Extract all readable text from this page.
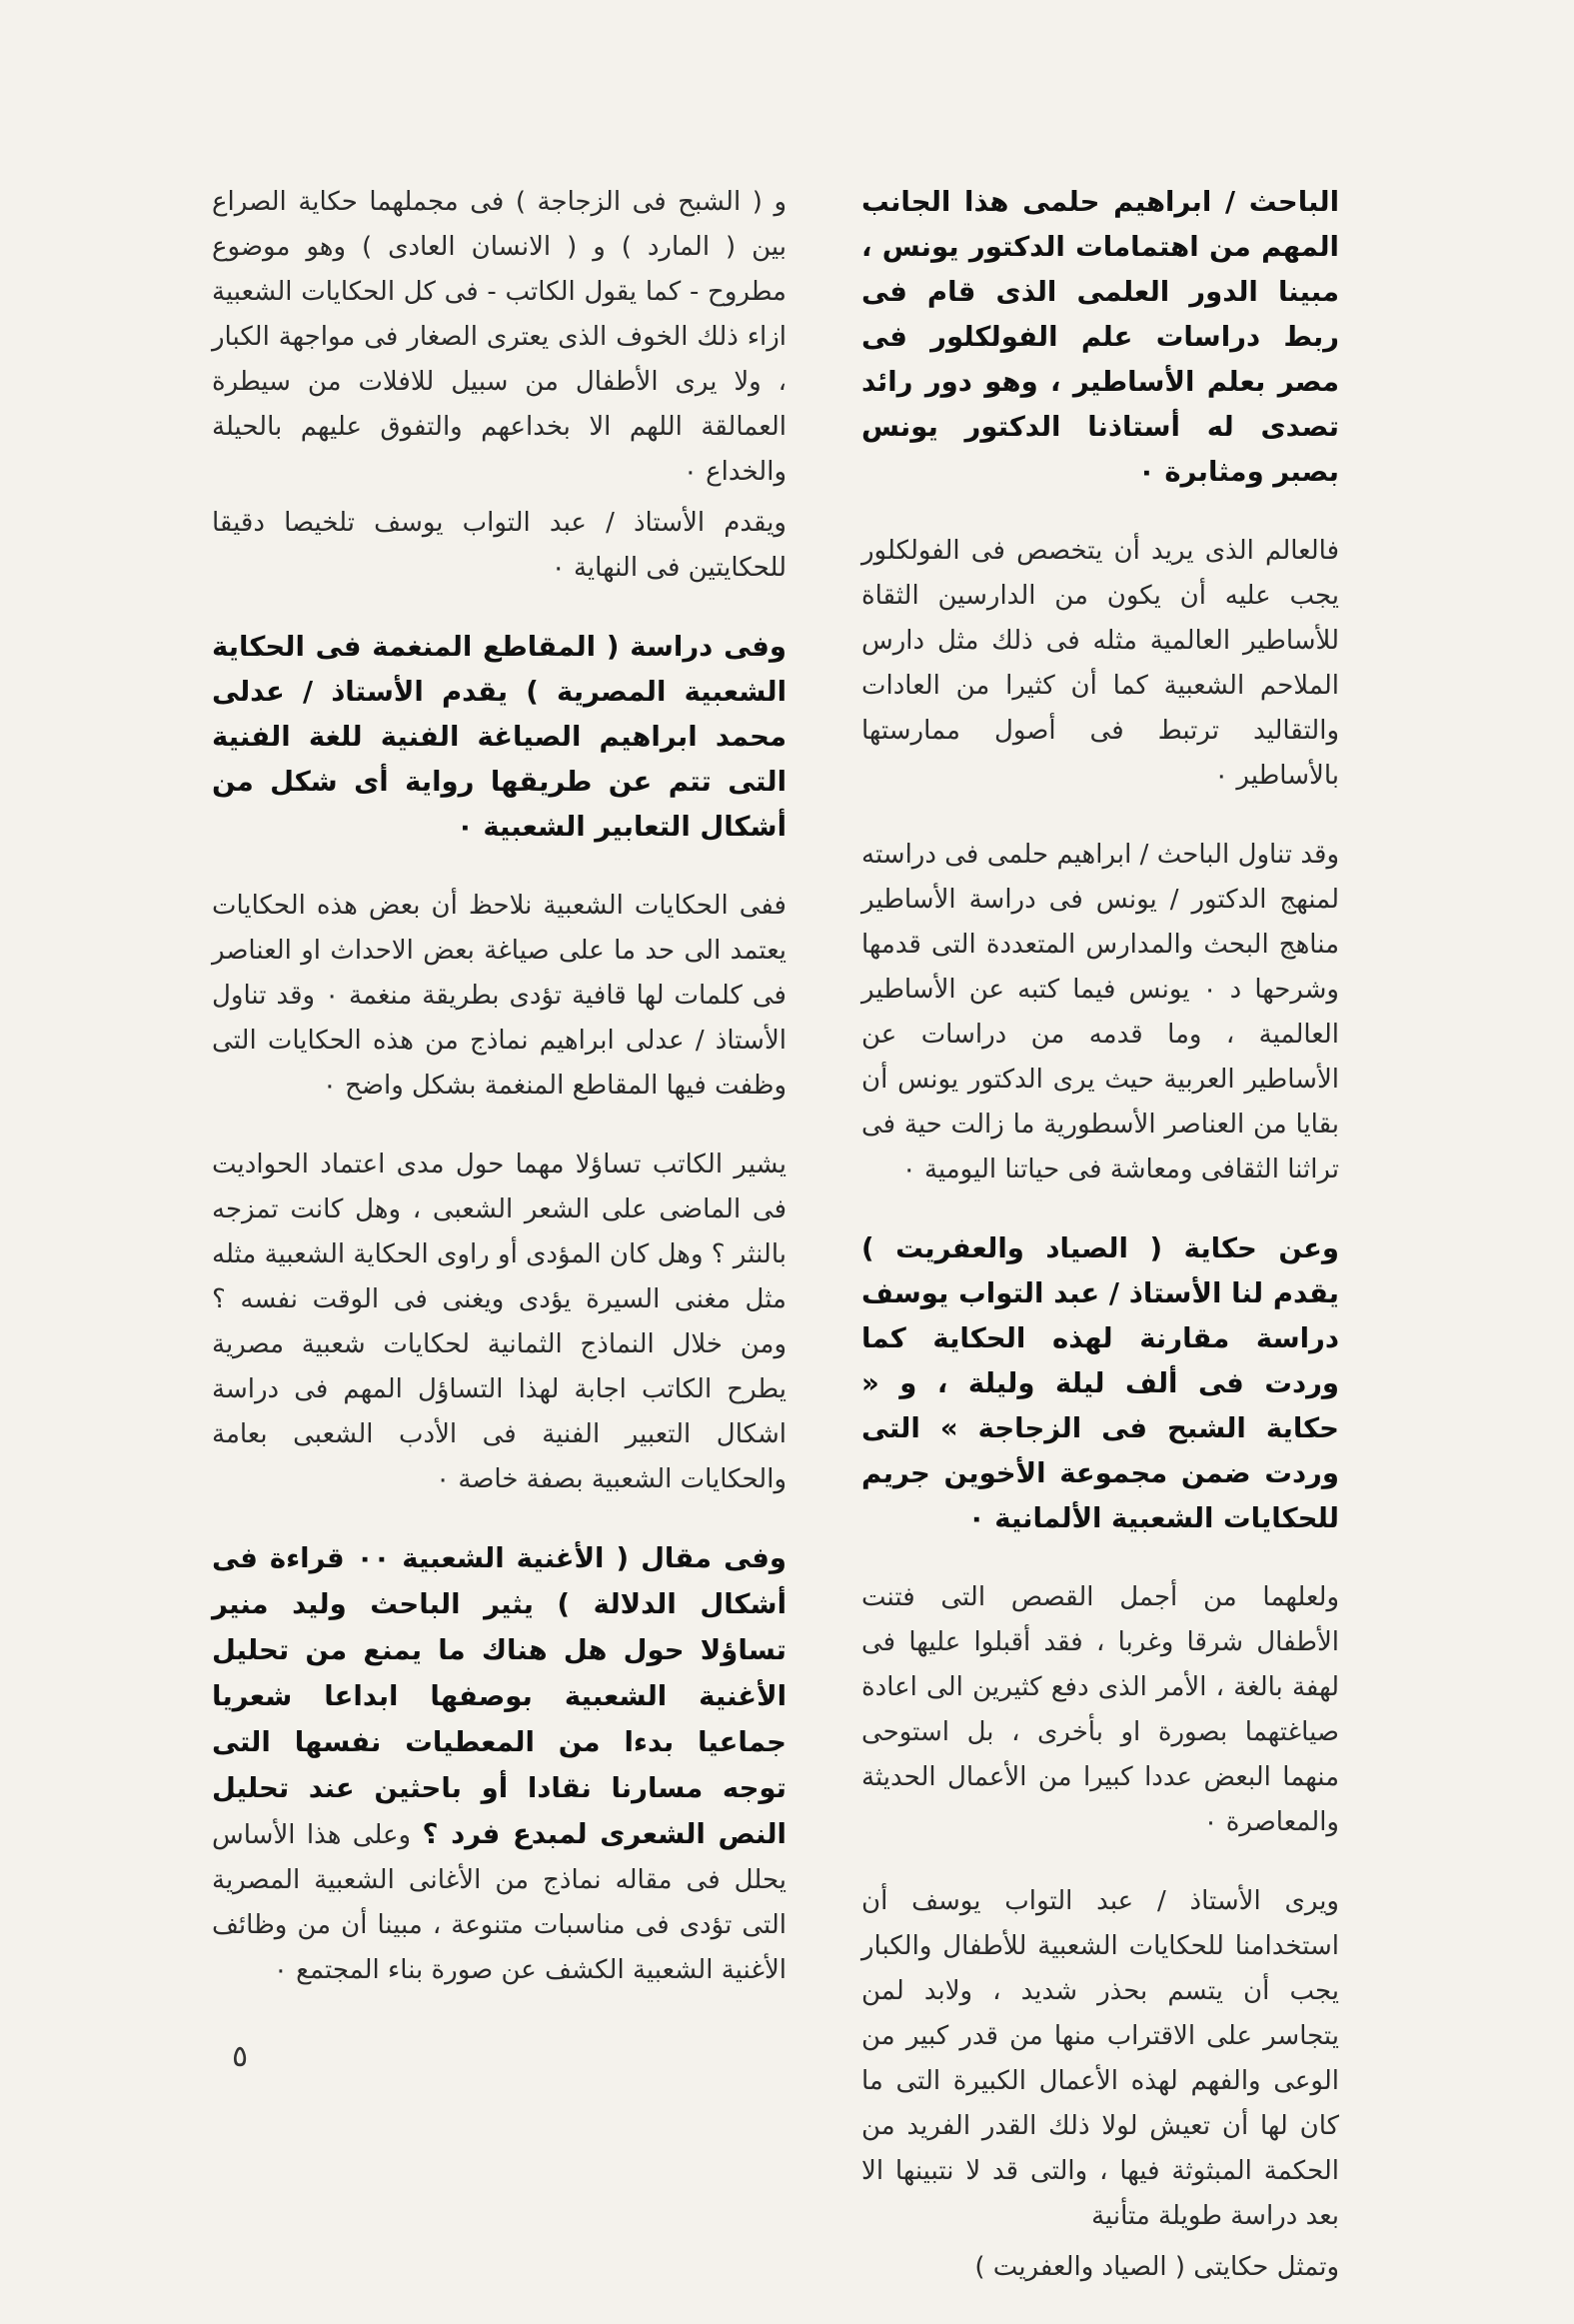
الباحث / ابراهيم حلمى هذا الجانب المهم من اهتمامات الدكتور يونس ، مبينا الدور العلمى الذى قام فى ربط دراسات علم الفولكلور فى مصر بعلم الأساطير ، وهو دور رائد تصدى له أستاذنا الدكتور يونس بصبر ومثابرة ٠

فالعالم الذى يريد أن يتخصص فى الفولكلور يجب عليه أن يكون من الدارسين الثقاة للأساطير العالمية مثله فى ذلك مثل دارس الملاحم الشعبية كما أن كثيرا من العادات والتقاليد ترتبط فى أصول ممارستها بالأساطير ٠

وقد تناول الباحث / ابراهيم حلمى فى دراسته لمنهج الدكتور / يونس فى دراسة الأساطير مناهج البحث والمدارس المتعددة التى قدمها وشرحها د ٠ يونس فيما كتبه عن الأساطير العالمية ، وما قدمه من دراسات عن الأساطير العربية حيث يرى الدكتور يونس أن بقايا من العناصر الأسطورية ما زالت حية فى تراثنا الثقافى ومعاشة فى حياتنا اليومية ٠

وعن حكاية ( الصياد والعفريت ) يقدم لنا الأستاذ / عبد التواب يوسف دراسة مقارنة لهذه الحكاية كما وردت فى ألف ليلة وليلة ، و « حكاية الشبح فى الزجاجة » التى وردت ضمن مجموعة الأخوين جريم للحكايات الشعبية الألمانية ٠

ولعلهما من أجمل القصص التى فتنت الأطفال شرقا وغربا ، فقد أقبلوا عليها فى لهفة بالغة ، الأمر الذى دفع كثيرين الى اعادة صياغتهما بصورة او بأخرى ، بل استوحى منهما البعض عددا كبيرا من الأعمال الحديثة والمعاصرة ٠

ويرى الأستاذ / عبد التواب يوسف أن استخدامنا للحكايات الشعبية للأطفال والكبار يجب أن يتسم بحذر شديد ، ولابد لمن يتجاسر على الاقتراب منها من قدر كبير من الوعى والفهم لهذه الأعمال الكبيرة التى ما كان لها أن تعيش لولا ذلك القدر الفريد من الحكمة المبثوثة فيها ، والتى قد لا نتبينها الا بعد دراسة طويلة متأنية

وتمثل حكايتى ( الصياد والعفريت )

و ( الشبح فى الزجاجة ) فى مجملهما حكاية الصراع بين ( المارد ) و ( الانسان العادى ) وهو موضوع مطروح - كما يقول الكاتب - فى كل الحكايات الشعبية ازاء ذلك الخوف الذى يعترى الصغار فى مواجهة الكبار ، ولا يرى الأطفال من سبيل للافلات من سيطرة العمالقة اللهم الا بخداعهم والتفوق عليهم بالحيلة والخداع ٠

ويقدم الأستاذ / عبد التواب يوسف تلخيصا دقيقا للحكايتين فى النهاية ٠

وفى دراسة ( المقاطع المنغمة فى الحكاية الشعبية المصرية ) يقدم الأستاذ / عدلى محمد ابراهيم الصياغة الفنية للغة الفنية التى تتم عن طريقها رواية أى شكل من أشكال التعابير الشعبية ٠

ففى الحكايات الشعبية نلاحظ أن بعض هذه الحكايات يعتمد الى حد ما على صياغة بعض الاحداث او العناصر فى كلمات لها قافية تؤدى بطريقة منغمة ٠ وقد تناول الأستاذ / عدلى ابراهيم نماذج من هذه الحكايات التى وظفت فيها المقاطع المنغمة بشكل واضح ٠

يشير الكاتب تساؤلا مهما حول مدى اعتماد الحواديت فى الماضى على الشعر الشعبى ، وهل كانت تمزجه بالنثر ؟ وهل كان المؤدى أو راوى الحكاية الشعبية مثله مثل مغنى السيرة يؤدى ويغنى فى الوقت نفسه ؟ ومن خلال النماذج الثمانية لحكايات شعبية مصرية يطرح الكاتب اجابة لهذا التساؤل المهم فى دراسة اشكال التعبير الفنية فى الأدب الشعبى بعامة والحكايات الشعبية بصفة خاصة ٠

وفى مقال ( الأغنية الشعبية ٠٠ قراءة فى أشكال الدلالة ) يثير الباحث وليد منير تساؤلا حول هل هناك ما يمنع من تحليل الأغنية الشعبية بوصفها ابداعا شعريا جماعيا بدءا من المعطيات نفسها التى توجه مسارنا نقادا أو باحثين عند تحليل النص الشعرى لمبدع فرد ؟ وعلى هذا الأساس يحلل فى مقاله نماذج من الأغانى الشعبية المصرية التى تؤدى فى مناسبات متنوعة ، مبينا أن من وظائف الأغنية الشعبية الكشف عن صورة بناء المجتمع ٠

٥
